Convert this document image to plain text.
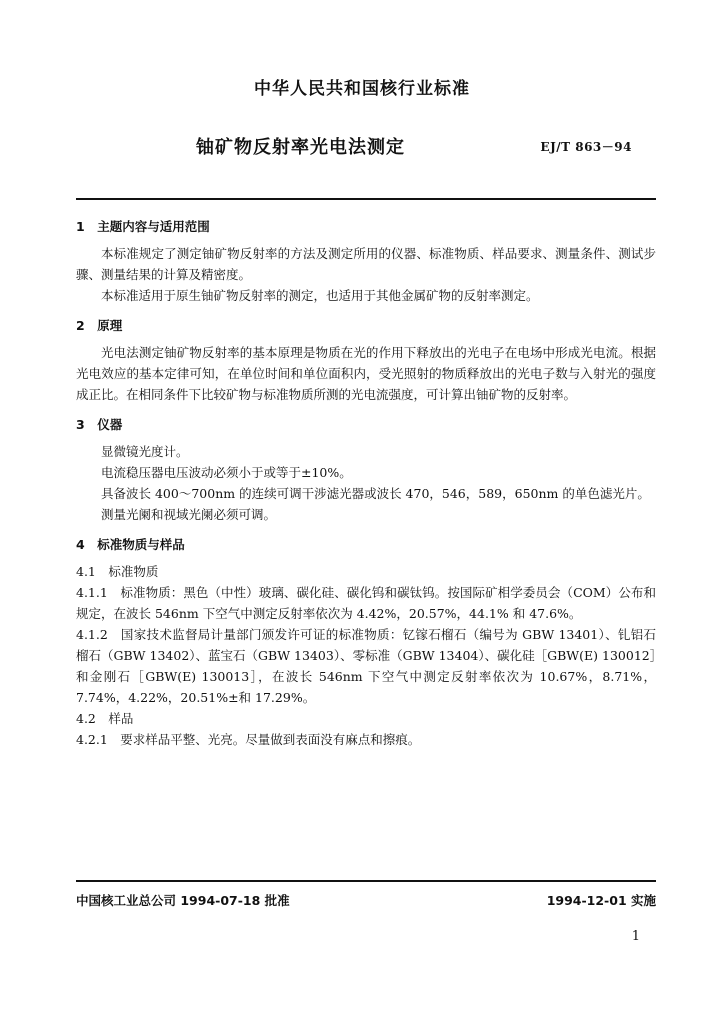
中华人民共和国核行业标准
铀矿物反射率光电法测定	EJ/T 863－94

1　主题内容与适用范围

本标准规定了测定铀矿物反射率的方法及测定所用的仪器、标准物质、样品要求、测量条件、测试步骤、测量结果的计算及精密度。

本标准适用于原生铀矿物反射率的测定，也适用于其他金属矿物的反射率测定。

2　原理

光电法测定铀矿物反射率的基本原理是物质在光的作用下释放出的光电子在电场中形成光电流。根据光电效应的基本定律可知，在单位时间和单位面积内，受光照射的物质释放出的光电子数与入射光的强度成正比。在相同条件下比较矿物与标准物质所测的光电流强度，可计算出铀矿物的反射率。

3　仪器

显微镜光度计。

电流稳压器电压波动必须小于或等于±10%。

具备波长 400～700nm 的连续可调干涉滤光器或波长 470，546，589，650nm 的单色滤光片。

测量光阑和视域光阑必须可调。

4　标准物质与样品

4.1　标准物质

4.1.1　标准物质：黑色（中性）玻璃、碳化硅、碳化钨和碳钛钨。按国际矿相学委员会（COM）公布和规定，在波长 546nm 下空气中测定反射率依次为 4.42%，20.57%，44.1% 和 47.6%。

4.1.2　国家技术监督局计量部门颁发许可证的标准物质：钇镓石榴石（编号为 GBW 13401）、钆铝石榴石（GBW 13402）、蓝宝石（GBW 13403）、零标准（GBW 13404）、碳化硅［GBW(E) 130012］和金刚石［GBW(E) 130013］，在波长 546nm 下空气中测定反射率依次为 10.67%，8.71%，7.74%，4.22%，20.51%±和 17.29%。

4.2　样品

4.2.1　要求样品平整、光亮。尽量做到表面没有麻点和擦痕。

中国核工业总公司 1994-07-18 批准	1994-12-01 实施
1
